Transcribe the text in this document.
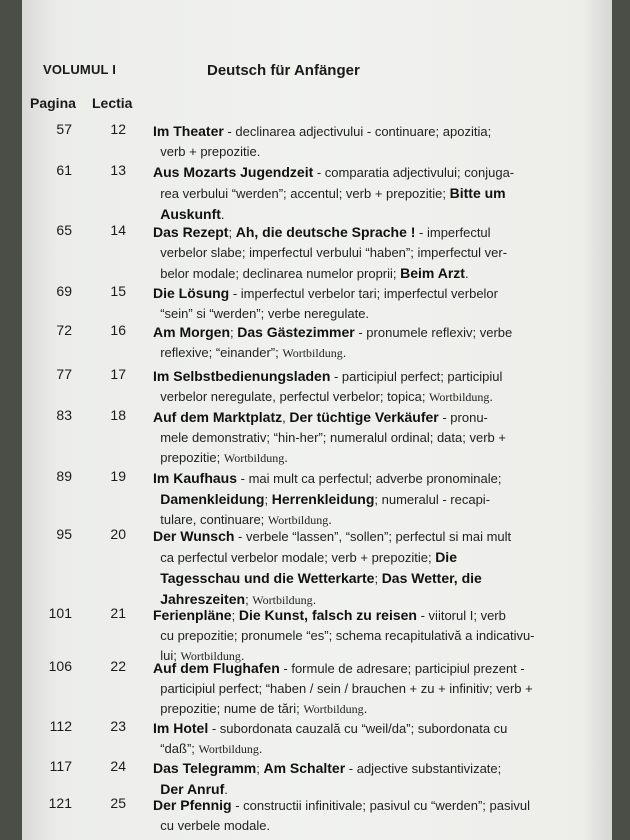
VOLUMUL I	Deutsch für Anfänger
Pagina Lectia
57	12 Im Theater - declinarea adjectivului - continuare; apozitia;
verb + prepozitie.
61	13 Aus Mozarts Jugendzeit - comparatia adjectivului; conjuga-
rea verbului “werden”; accentul; verb + prepozitie; Bitte um
Auskunft.
65	14 Das Rezept; Ah, die deutsche Sprache ! - imperfectul
verbelor slabe; imperfectul verbului “haben”; imperfectul ver-
belor modale; declinarea numelor proprii; Beim Arzt.
69	15 Die Lösung - imperfectul verbelor tari; imperfectul verbelor
“sein” si “werden”; verbe neregulate.
72	16 Am Morgen; Das Gästezimmer - pronumele reflexiv; verbe
reflexive; “einander”; Wortbildung.
77	17 Im Selbstbedienungsladen - participiul perfect; participiul
verbelor neregulate, perfectul verbelor; topica; Wortbildung.
83	18 Auf dem Marktplatz, Der tüchtige Verkäufer - pronu-
mele demonstrativ; “hin-her”; numeralul ordinal; data; verb +
prepozitie; Wortbildung.
89	19 Im Kaufhaus - mai mult ca perfectul; adverbe pronominale;
Damenkleidung; Herrenkleidung; numeralul - recapi-
tulare, continuare; Wortbildung.
95	20 Der Wunsch - verbele “lassen”, “sollen”; perfectul si mai mult
ca perfectul verbelor modale; verb + prepozitie; Die
Tagesschau und die Wetterkarte; Das Wetter, die
Jahreszeiten; Wortbildung.
101	21 Ferienpläne; Die Kunst, falsch zu reisen - viitorul I; verb
cu prepozitie; pronumele “es”; schema recapitulativă a indicativu-
lui; Wortbildung.
106	22 Auf dem Flughafen - formule de adresare; participiul prezent -
participiul perfect; “haben / sein / brauchen + zu + infinitiv; verb +
prepozitie; nume de tări; Wortbildung.
112	23 Im Hotel - subordonata cauzală cu “weil/da”; subordonata cu
“daß”; Wortbildung.
117	24 Das Telegramm; Am Schalter - adjective substantivizate;
Der Anruf.
121	25 Der Pfennig - constructii infinitivale; pasivul cu “werden”; pasivul
cu verbele modale.
